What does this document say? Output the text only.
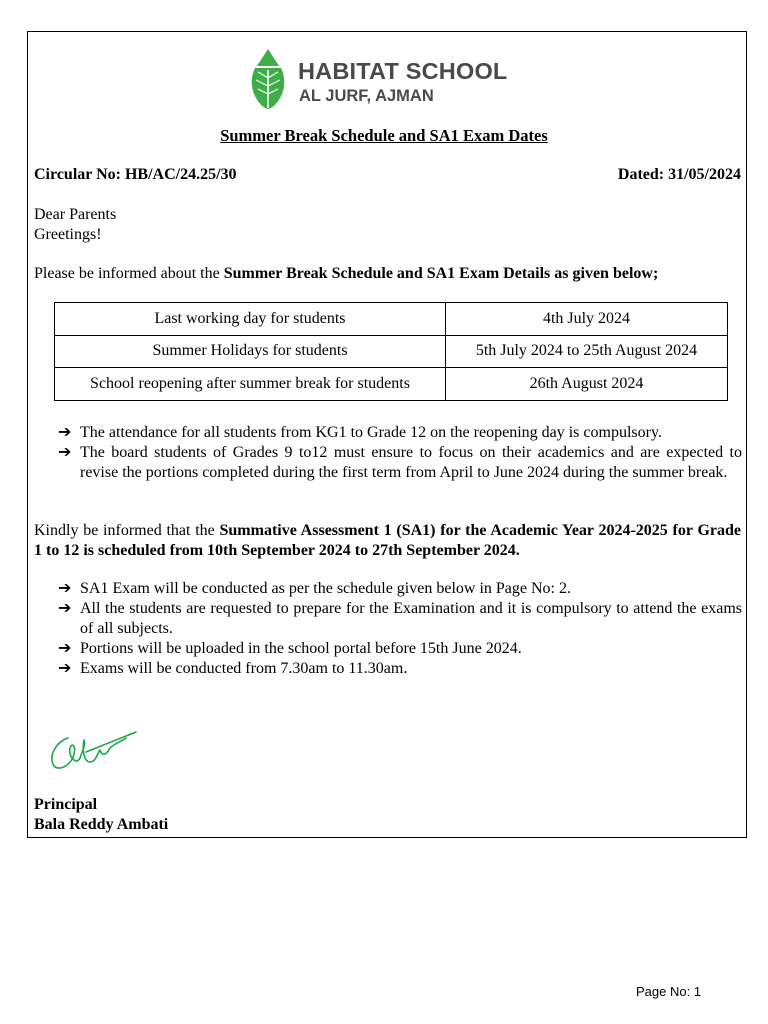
HABITAT SCHOOL
AL JURF, AJMAN
Summer Break Schedule and SA1 Exam Dates
Circular No: HB/AC/24.25/30	Dated: 31/05/2024
Dear Parents
Greetings!
Please be informed about the Summer Break Schedule and SA1 Exam Details as given below;
Last working day for students	4th July 2024
Summer Holidays for students	5th July 2024 to 25th August 2024
School reopening after summer break for students	26th August 2024
➔ The attendance for all students from KG1 to Grade 12 on the reopening day is compulsory.
➔ The board students of Grades 9 to12 must ensure to focus on their academics and are expected to revise the portions completed during the first term from April to June 2024 during the summer break.
Kindly be informed that the Summative Assessment 1 (SA1) for the Academic Year 2024-2025 for Grade 1 to 12 is scheduled from 10th September 2024 to 27th September 2024.
➔ SA1 Exam will be conducted as per the schedule given below in Page No: 2.
➔ All the students are requested to prepare for the Examination and it is compulsory to attend the exams of all subjects.
➔ Portions will be uploaded in the school portal before 15th June 2024.
➔ Exams will be conducted from 7.30am to 11.30am.
Principal
Bala Reddy Ambati
Page No: 1
